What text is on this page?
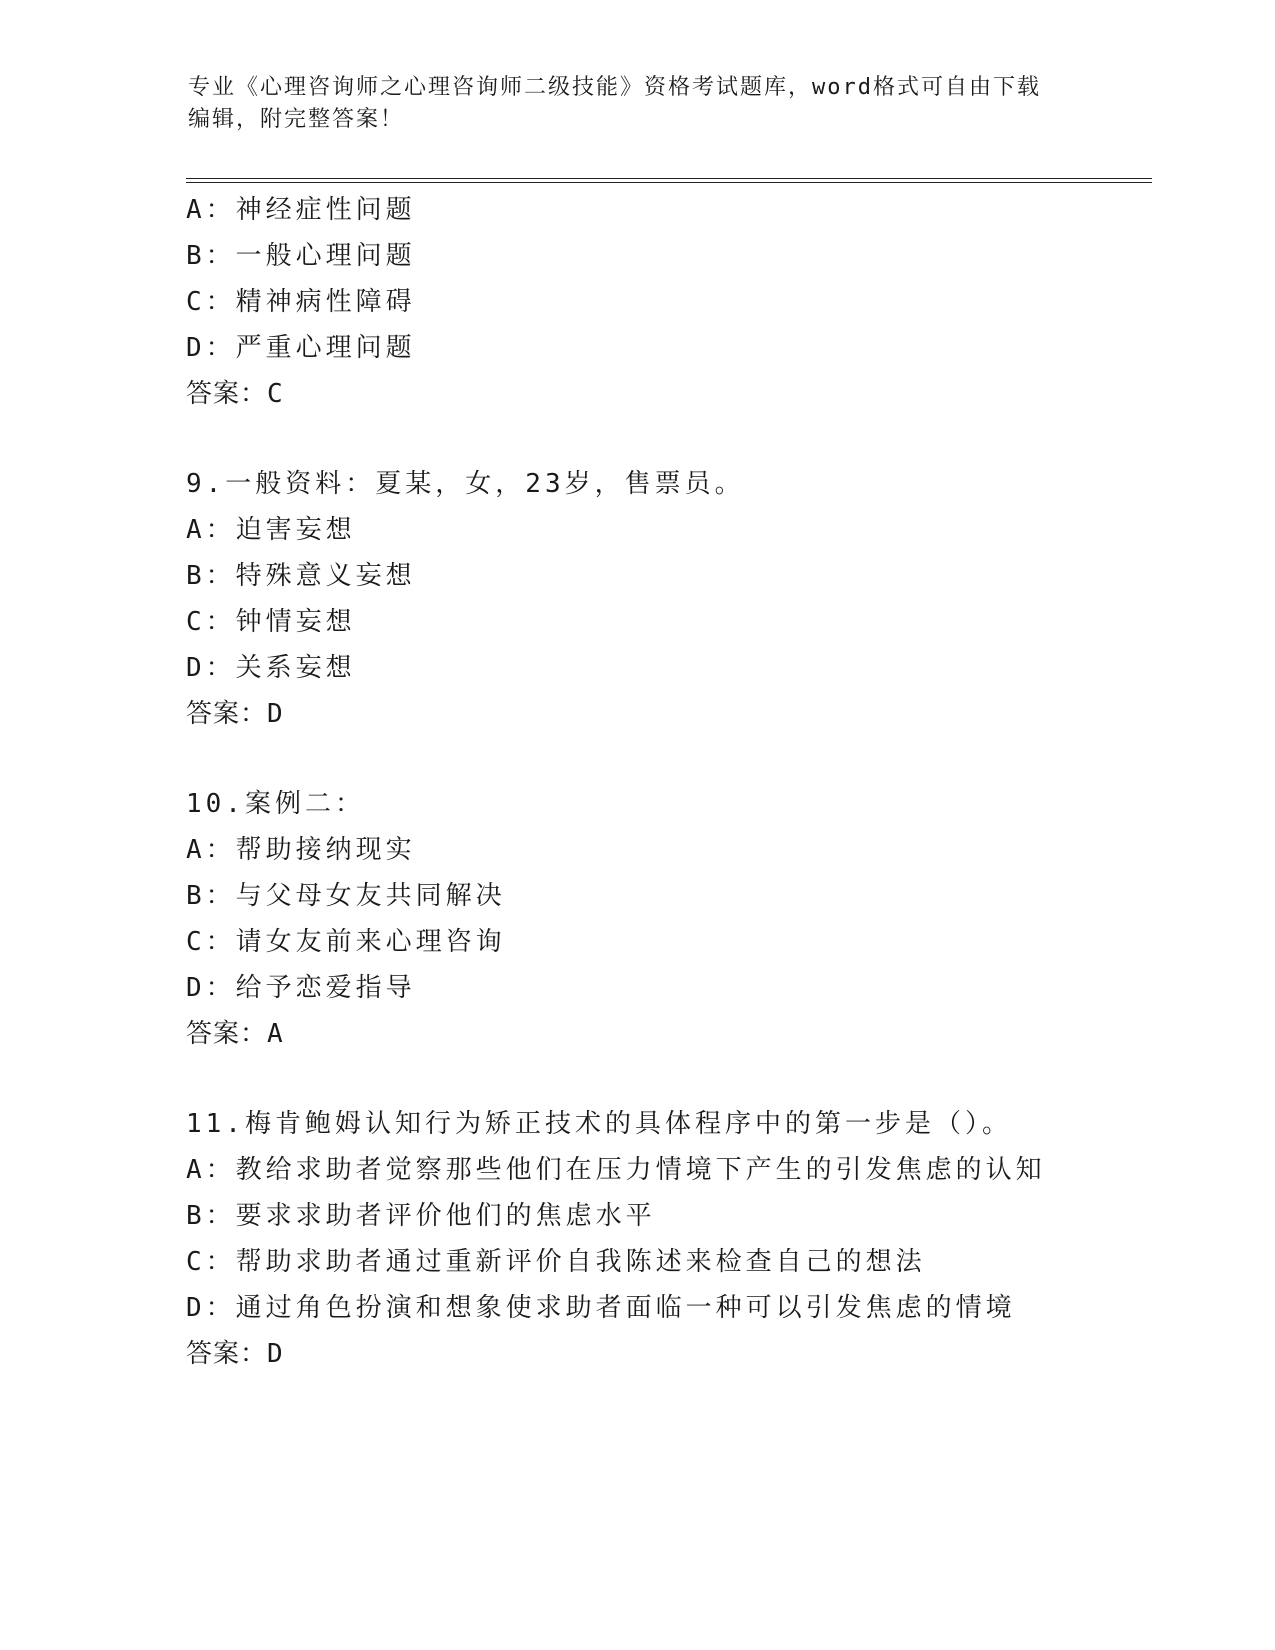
专业《心理咨询师之心理咨询师二级技能》资格考试题库，word格式可自由下载
编辑，附完整答案！
A：神经症性问题
B：一般心理问题
C：精神病性障碍
D：严重心理问题
答案：C
9.一般资料：夏某，女，23岁，售票员。
A：迫害妄想
B：特殊意义妄想
C：钟情妄想
D：关系妄想
答案：D
10.案例二：
A：帮助接纳现实
B：与父母女友共同解决
C：请女友前来心理咨询
D：给予恋爱指导
答案：A
11.梅肯鲍姆认知行为矫正技术的具体程序中的第一步是（）。
A：教给求助者觉察那些他们在压力情境下产生的引发焦虑的认知
B：要求求助者评价他们的焦虑水平
C：帮助求助者通过重新评价自我陈述来检查自己的想法
D：通过角色扮演和想象使求助者面临一种可以引发焦虑的情境
答案：D
